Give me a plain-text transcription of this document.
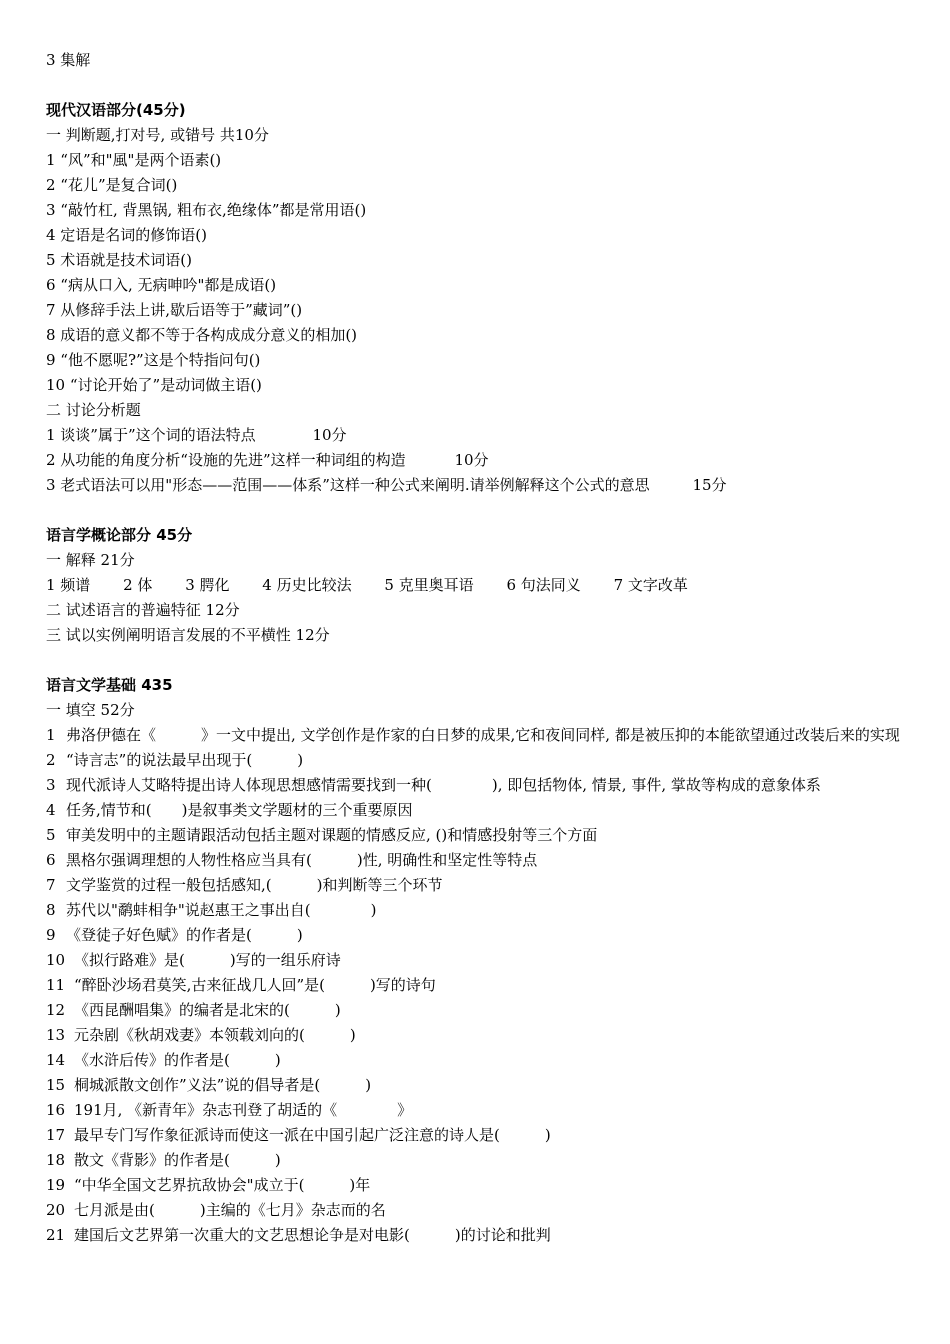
3 集解
现代汉语部分(45分)
一 判断题,打对号, 或错号 共10分
1 “风”和"風"是两个语素()
2 “花儿”是复合词()
3 “敲竹杠, 背黑锅, 粗布衣,绝缘体”都是常用语()
4 定语是名词的修饰语()
5 术语就是技术词语()
6 “病从口入, 无病呻吟"都是成语()
7 从修辞手法上讲,歇后语等于”藏词”()
8 成语的意义都不等于各构成成分意义的相加()
9 “他不愿呢?”这是个特指问句()
10 “讨论开始了”是动词做主语()
二 讨论分析题
1 谈谈”属于”这个词的语法特点	10分
2 从功能的角度分析“设施的先进”这样一种词组的构造	10分
3 老式语法可以用"形态——范围——体系”这样一种公式来阐明.请举例解释这个公式的意思	15分
语言学概论部分 45分
一 解释 21分
1 频谱 2 体 3 腭化 4 历史比较法 5 克里奥耳语 6 句法同义 7 文字改革
二 试述语言的普遍特征 12分
三 试以实例阐明语言发展的不平横性 12分
语言文学基础 435
一 填空 52分
1 弗洛伊德在《　　　》一文中提出, 文学创作是作家的白日梦的成果,它和夜间同样, 都是被压抑的本能欲望通过改装后来的实现
2 “诗言志”的说法最早出现于(　　　)
3 现代派诗人艾略特提出诗人体现思想感情需要找到一种(　　　　), 即包括物体, 情景, 事件, 掌故等构成的意象体系
4 任务,情节和(　　)是叙事类文学题材的三个重要原因
5 审美发明中的主题请跟活动包括主题对课题的情感反应, ()和情感投射等三个方面
6 黑格尔强调理想的人物性格应当具有(　　　)性, 明确性和坚定性等特点
7 文学鉴赏的过程一般包括感知,(　　　)和判断等三个环节
8 苏代以"鹬蚌相争"说赵惠王之事出自(　　　　)
9 《登徒子好色赋》的作者是(　　　)
10 《拟行路难》是(　　　)写的一组乐府诗
11 “醉卧沙场君莫笑,古来征战几人回”是(　　　)写的诗句
12 《西昆酬唱集》的编者是北宋的(　　　)
13 元杂剧《秋胡戏妻》本领载刘向的(　　　)
14 《水浒后传》的作者是(　　　)
15 桐城派散文创作”义法”说的倡导者是(　　　)
16 191月, 《新青年》杂志刊登了胡适的《　　　　》
17 最早专门写作象征派诗而使这一派在中国引起广泛注意的诗人是(　　　)
18 散文《背影》的作者是(　　　)
19 “中华全国文艺界抗敌协会"成立于(　　　)年
20 七月派是由(　　　)主编的《七月》杂志而的名
21 建国后文艺界第一次重大的文艺思想论争是对电影(　　　)的讨论和批判
